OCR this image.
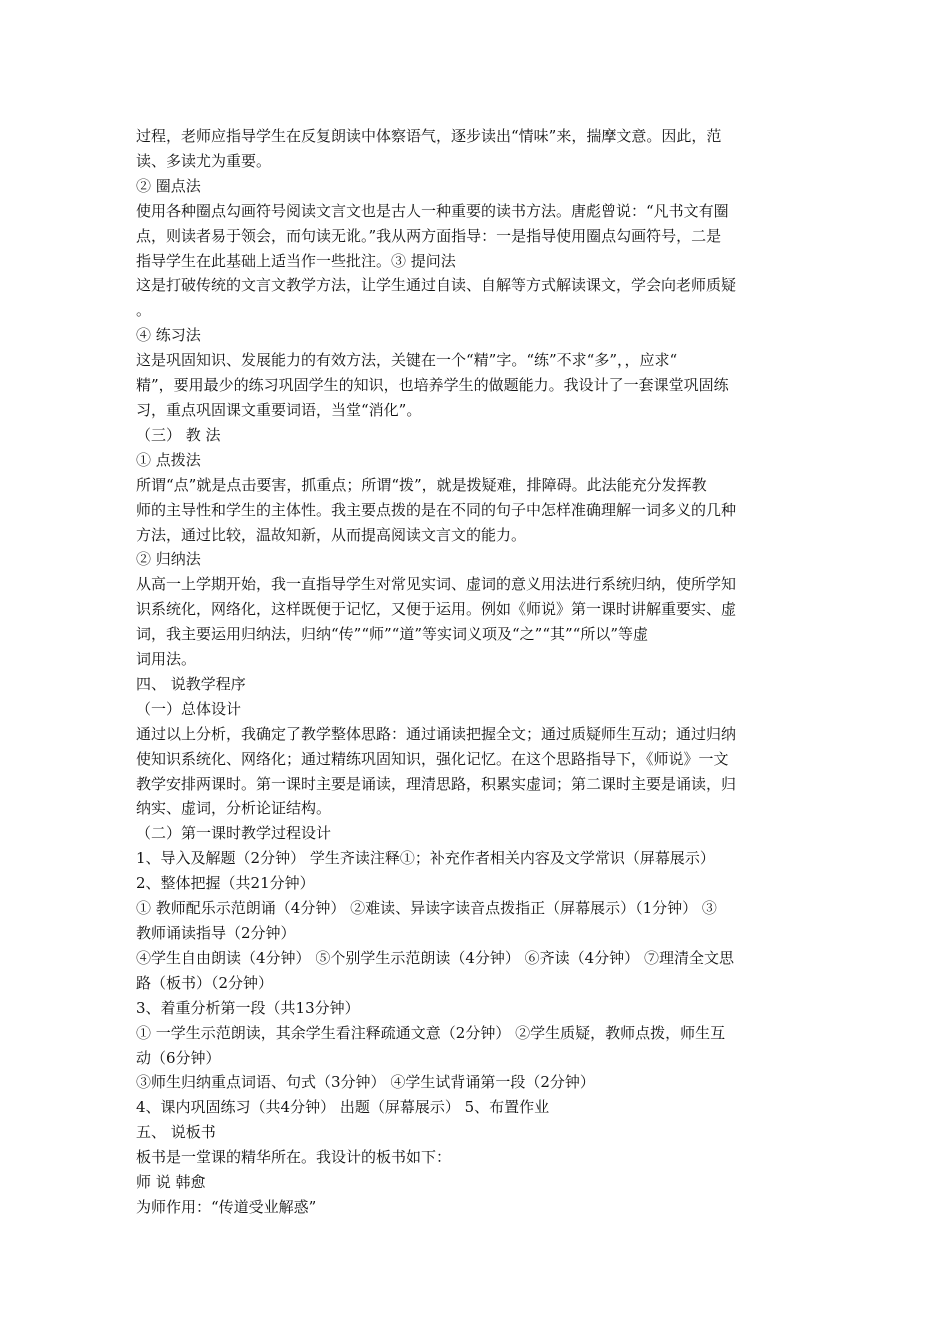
过程，老师应指导学生在反复朗读中体察语气，逐步读出“情味”来，揣摩文意。因此，范

读、多读尤为重要。

② 圈点法

使用各种圈点勾画符号阅读文言文也是古人一种重要的读书方法。唐彪曾说：“凡书文有圈

点，则读者易于领会，而句读无讹。”我从两方面指导：一是指导使用圈点勾画符号，二是

指导学生在此基础上适当作一些批注。③ 提问法

这是打破传统的文言文教学方法，让学生通过自读、自解等方式解读课文，学会向老师质疑

。

④ 练习法

这是巩固知识、发展能力的有效方法，关键在一个“精”字。“练”不求“多”，，应求“

精”，要用最少的练习巩固学生的知识，也培养学生的做题能力。我设计了一套课堂巩固练

习，重点巩固课文重要词语，当堂“消化”。

（三） 教 法

① 点拨法

所谓“点”就是点击要害，抓重点；所谓“拨”，就是拨疑难，排障碍。此法能充分发挥教

师的主导性和学生的主体性。我主要点拨的是在不同的句子中怎样准确理解一词多义的几种

方法，通过比较，温故知新，从而提高阅读文言文的能力。

② 归纳法

从高一上学期开始，我一直指导学生对常见实词、虚词的意义用法进行系统归纳，使所学知

识系统化，网络化，这样既便于记忆，又便于运用。例如《师说》第一课时讲解重要实、虚

词，我主要运用归纳法，归纳“传”“师”“道”等实词义项及“之”“其”“所以”等虚

词用法。

四、 说教学程序

（一）总体设计

通过以上分析，我确定了教学整体思路：通过诵读把握全文；通过质疑师生互动；通过归纳

使知识系统化、网络化；通过精练巩固知识，强化记忆。在这个思路指导下，《师说》一文

教学安排两课时。第一课时主要是诵读，理清思路，积累实虚词；第二课时主要是诵读，归

纳实、虚词，分析论证结构。

（二）第一课时教学过程设计

1、导入及解题（2分钟） 学生齐读注释①；补充作者相关内容及文学常识（屏幕展示）

2、整体把握（共21分钟）

① 教师配乐示范朗诵（4分钟） ②难读、异读字读音点拨指正（屏幕展示）（1分钟） ③

教师诵读指导（2分钟）

④学生自由朗读（4分钟） ⑤个别学生示范朗读（4分钟） ⑥齐读（4分钟） ⑦理清全文思

路（板书）（2分钟）

3、着重分析第一段（共13分钟）

① 一学生示范朗读，其余学生看注释疏通文意（2分钟） ②学生质疑，教师点拨，师生互

动（6分钟）

③师生归纳重点词语、句式（3分钟） ④学生试背诵第一段（2分钟）

4、课内巩固练习（共4分钟） 出题（屏幕展示） 5、布置作业

五、 说板书

板书是一堂课的精华所在。我设计的板书如下：

师 说 韩愈

为师作用：“传道受业解惑”
